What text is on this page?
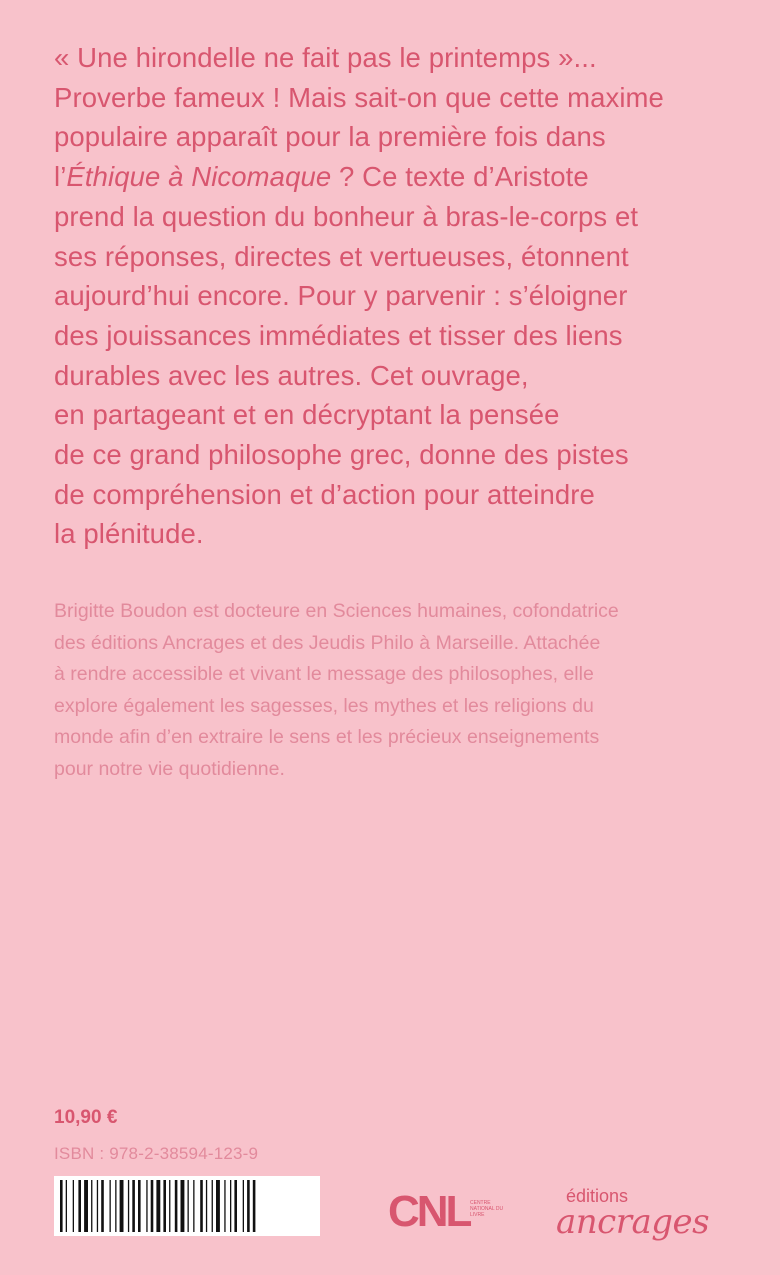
« Une hirondelle ne fait pas le printemps »...
Proverbe fameux ! Mais sait-on que cette maxime
populaire apparaît pour la première fois dans
l’Éthique à Nicomaque ? Ce texte d’Aristote
prend la question du bonheur à bras-le-corps et
ses réponses, directes et vertueuses, étonnent
aujourd’hui encore. Pour y parvenir : s’éloigner
des jouissances immédiates et tisser des liens
durables avec les autres. Cet ouvrage,
en partageant et en décryptant la pensée
de ce grand philosophe grec, donne des pistes
de compréhension et d’action pour atteindre
la plénitude.
Brigitte Boudon est docteure en Sciences humaines, cofondatrice
des éditions Ancrages et des Jeudis Philo à Marseille. Attachée
à rendre accessible et vivant le message des philosophes, elle
explore également les sagesses, les mythes et les religions du
monde afin d’en extraire le sens et les précieux enseignements
pour notre vie quotidienne.
10,90 €
ISBN : 978-2-38594-123-9
CNL CENTRE NATIONAL DU LIVRE
éditions
ancrages
